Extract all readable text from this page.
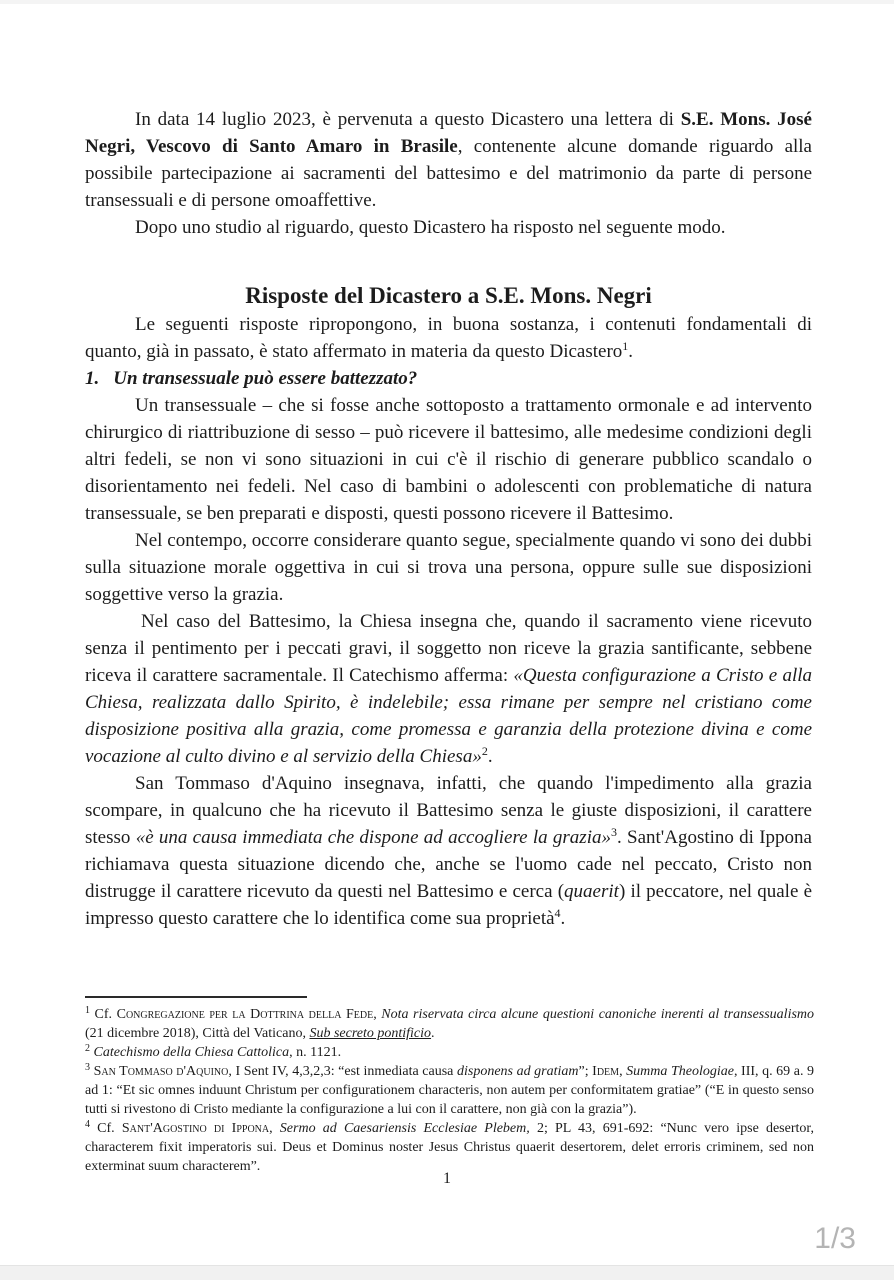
In data 14 luglio 2023, è pervenuta a questo Dicastero una lettera di S.E. Mons. José Negri, Vescovo di Santo Amaro in Brasile, contenente alcune domande riguardo alla possibile partecipazione ai sacramenti del battesimo e del matrimonio da parte di persone transessuali e di persone omoaffettive.

Dopo uno studio al riguardo, questo Dicastero ha risposto nel seguente modo.

Risposte del Dicastero a S.E. Mons. Negri

Le seguenti risposte ripropongono, in buona sostanza, i contenuti fondamentali di quanto, già in passato, è stato affermato in materia da questo Dicastero$^1$.

1. Un transessuale può essere battezzato?

Un transessuale – che si fosse anche sottoposto a trattamento ormonale e ad intervento chirurgico di riattribuzione di sesso – può ricevere il battesimo, alle medesime condizioni degli altri fedeli, se non vi sono situazioni in cui c'è il rischio di generare pubblico scandalo o disorientamento nei fedeli. Nel caso di bambini o adolescenti con problematiche di natura transessuale, se ben preparati e disposti, questi possono ricevere il Battesimo.

Nel contempo, occorre considerare quanto segue, specialmente quando vi sono dei dubbi sulla situazione morale oggettiva in cui si trova una persona, oppure sulle sue disposizioni soggettive verso la grazia.

Nel caso del Battesimo, la Chiesa insegna che, quando il sacramento viene ricevuto senza il pentimento per i peccati gravi, il soggetto non riceve la grazia santificante, sebbene riceva il carattere sacramentale. Il Catechismo afferma: «Questa configurazione a Cristo e alla Chiesa, realizzata dallo Spirito, è indelebile; essa rimane per sempre nel cristiano come disposizione positiva alla grazia, come promessa e garanzia della protezione divina e come vocazione al culto divino e al servizio della Chiesa»$^2$.

San Tommaso d'Aquino insegnava, infatti, che quando l'impedimento alla grazia scompare, in qualcuno che ha ricevuto il Battesimo senza le giuste disposizioni, il carattere stesso «è una causa immediata che dispone ad accogliere la grazia»$^3$. Sant'Agostino di Ippona richiamava questa situazione dicendo che, anche se l'uomo cade nel peccato, Cristo non distrugge il carattere ricevuto da questi nel Battesimo e cerca (quaerit) il peccatore, nel quale è impresso questo carattere che lo identifica come sua proprietà$^4$.

$^1$ Cf. Congregazione per la Dottrina della Fede, Nota riservata circa alcune questioni canoniche inerenti al transessualismo (21 dicembre 2018), Città del Vaticano, Sub secreto pontificio.

$^2$ Catechismo della Chiesa Cattolica, n. 1121.

$^3$ San Tommaso d'Aquino, I Sent IV, 4,3,2,3: “est inmediata causa disponens ad gratiam”; Idem, Summa Theologiae, III, q. 69 a. 9 ad 1: “Et sic omnes induunt Christum per configurationem characteris, non autem per conformitatem gratiae” (“E in questo senso tutti si rivestono di Cristo mediante la configurazione a lui con il carattere, non già con la grazia”).

$^4$ Cf. Sant'Agostino di Ippona, Sermo ad Caesariensis Ecclesiae Plebem, 2; PL 43, 691-692: “Nunc vero ipse desertor, characterem fixit imperatoris sui. Deus et Dominus noster Jesus Christus quaerit desertorem, delet erroris criminem, sed non exterminat suum characterem”.

1
1/3
